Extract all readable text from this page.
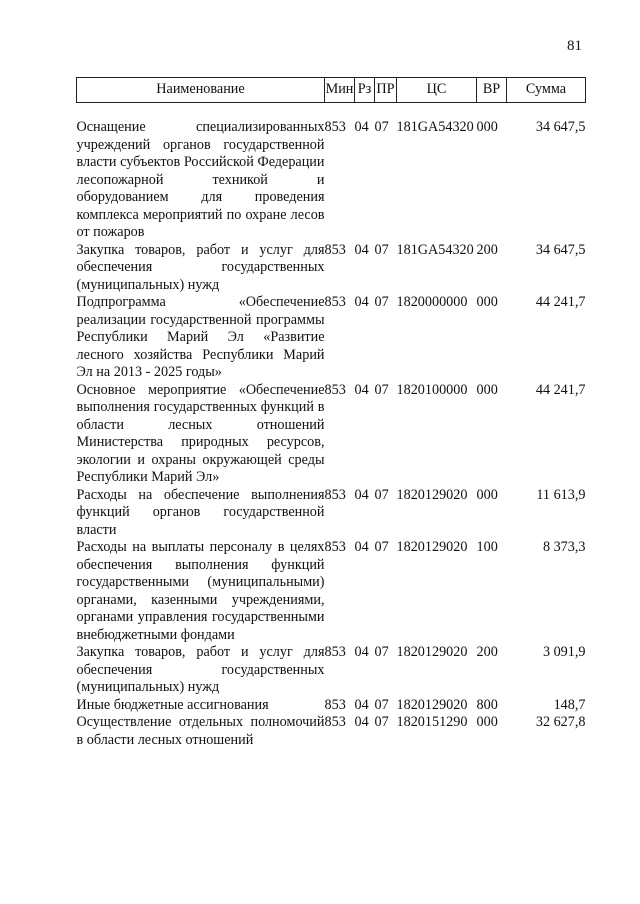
81
Наименование	Мин	Рз	ПР	ЦС	ВР	Сумма

Оснащение специализированных учреждений органов государственной власти субъектов Российской Федерации лесопожарной техникой и оборудованием для проведения комплекса мероприятий по охране лесов от пожаров	853	04	07	181GA54320	000	34 647,5
Закупка товаров, работ и услуг для обеспечения государственных (муниципальных) нужд	853	04	07	181GA54320	200	34 647,5
Подпрограмма «Обеспечение реализации государственной программы Республики Марий Эл «Развитие лесного хозяйства Республики Марий Эл на 2013 - 2025 годы»	853	04	07	1820000000	000	44 241,7
Основное мероприятие «Обеспечение выполнения государственных функций в области лесных отношений Министерства природных ресурсов, экологии и охраны окружающей среды Республики Марий Эл»	853	04	07	1820100000	000	44 241,7
Расходы на обеспечение выполнения функций органов государственной власти	853	04	07	1820129020	000	11 613,9
Расходы на выплаты персоналу в целях обеспечения выполнения функций государственными (муниципальными) органами, казенными учреждениями, органами управления государственными внебюджетными фондами	853	04	07	1820129020	100	8 373,3
Закупка товаров, работ и услуг для обеспечения государственных (муниципальных) нужд	853	04	07	1820129020	200	3 091,9
Иные бюджетные ассигнования	853	04	07	1820129020	800	148,7
Осуществление отдельных полномочий в области лесных отношений	853	04	07	1820151290	000	32 627,8
